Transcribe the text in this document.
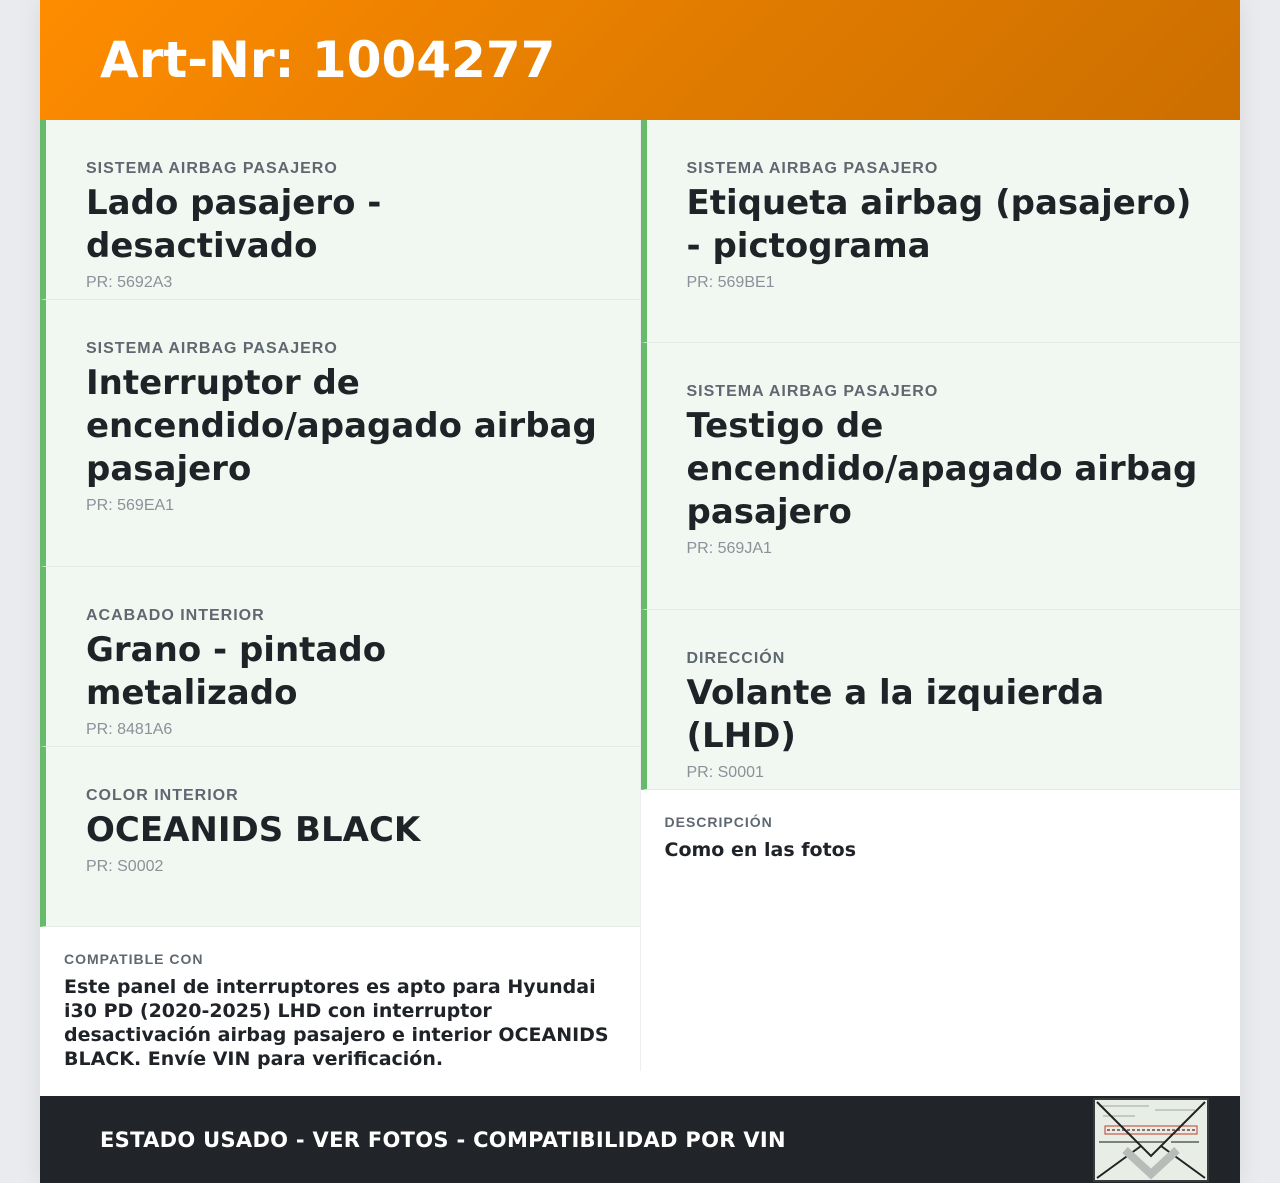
Art-Nr: 1004277
SISTEMA AIRBAG PASAJERO
Lado pasajero - desactivado
PR: 5692A3
SISTEMA AIRBAG PASAJERO
Interruptor de encendido/apagado airbag pasajero
PR: 569EA1
ACABADO INTERIOR
Grano - pintado metalizado
PR: 8481A6
COLOR INTERIOR
OCEANIDS BLACK
PR: S0002
COMPATIBLE CON
Este panel de interruptores es apto para Hyundai i30 PD (2020-2025) LHD con interruptor desactivación airbag pasajero e interior OCEANIDS BLACK. Envíe VIN para verificación.
SISTEMA AIRBAG PASAJERO
Etiqueta airbag (pasajero) - pictograma
PR: 569BE1
SISTEMA AIRBAG PASAJERO
Testigo de encendido/apagado airbag pasajero
PR: 569JA1
DIRECCIÓN
Volante a la izquierda (LHD)
PR: S0001
DESCRIPCIÓN
Como en las fotos
ESTADO USADO - VER FOTOS - COMPATIBILIDAD POR VIN
